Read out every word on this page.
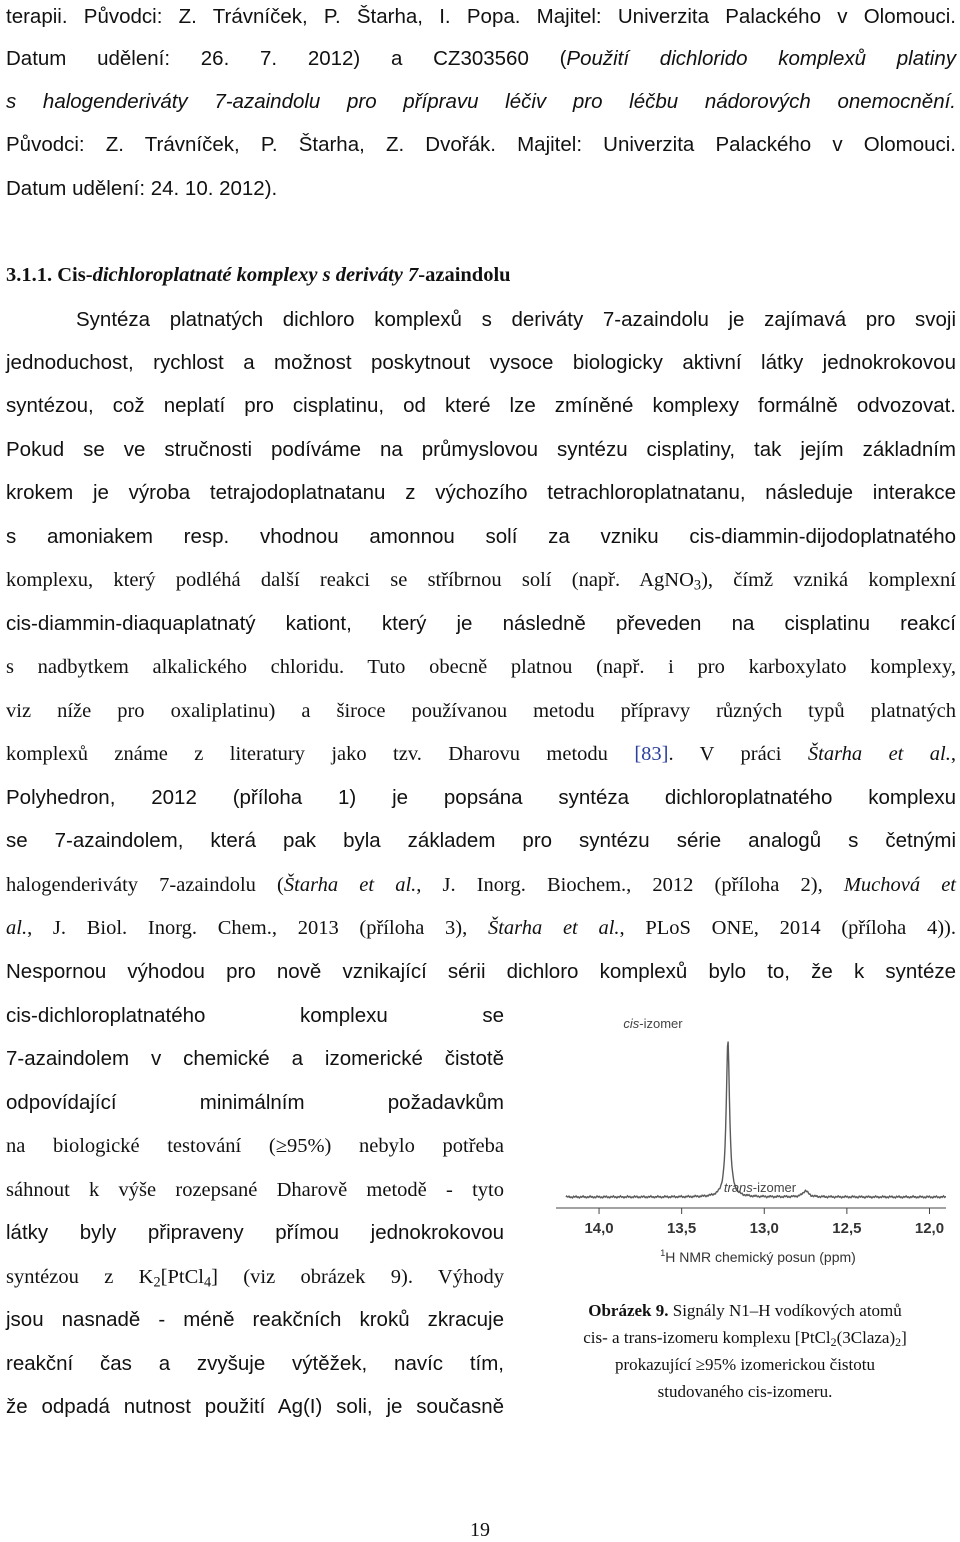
terapii. Původci: Z. Trávníček, P. Štarha, I. Popa. Majitel: Univerzita Palackého v Olomouci.
Datum udělení: 26. 7. 2012) a CZ303560 (Použití dichlorido komplexů platiny
s halogenderiváty 7-azaindolu pro přípravu léčiv pro léčbu nádorových onemocnění.
Původci: Z. Trávníček, P. Štarha, Z. Dvořák. Majitel: Univerzita Palackého v Olomouci.
Datum udělení: 24. 10. 2012).
3.1.1. Cis-dichloroplatnaté komplexy s deriváty 7-azaindolu
Syntéza platnatých dichloro komplexů s deriváty 7-azaindolu je zajímavá pro svoji
jednoduchost, rychlost a možnost poskytnout vysoce biologicky aktivní látky jednokrokovou
syntézou, což neplatí pro cisplatinu, od které lze zmíněné komplexy formálně odvozovat.
Pokud se ve stručnosti podíváme na průmyslovou syntézu cisplatiny, tak jejím základním
krokem je výroba tetrajodoplatnatanu z výchozího tetrachloroplatnatanu, následuje interakce
s amoniakem resp. vhodnou amonnou solí za vzniku cis-diammin-dijodoplatnatého
komplexu, který podléhá další reakci se stříbrnou solí (např. AgNO$_3$), čímž vzniká komplexní
cis-diammin-diaquaplatnatý kationt, který je následně převeden na cisplatinu reakcí
s nadbytkem alkalického chloridu. Tuto obecně platnou (např. i pro karboxylato komplexy,
viz níže pro oxaliplatinu) a široce používanou metodu přípravy různých typů platnatých
komplexů známe z literatury jako tzv. Dharovu metodu [83]. V práci Štarha et al.,
Polyhedron, 2012 (příloha 1) je popsána syntéza dichloroplatnatého komplexu
se 7-azaindolem, která pak byla základem pro syntézu série analogů s četnými
halogenderiváty 7-azaindolu (Štarha et al., J. Inorg. Biochem., 2012 (příloha 2), Muchová et
al., J. Biol. Inorg. Chem., 2013 (příloha 3), Štarha et al., PLoS ONE, 2014 (příloha 4)).
Nespornou výhodou pro nově vznikající sérii dichloro komplexů bylo to, že k syntéze
cis-dichloroplatnatého komplexu se
7-azaindolem v chemické a izomerické čistotě
odpovídající minimálním požadavkům
na biologické testování (≥95%) nebylo potřeba
sáhnout k výše rozepsané Dharově metodě - tyto
látky byly připraveny přímou jednokrokovou
syntézou z $K_2[PtCl_4]$ (viz obrázek 9). Výhody
jsou nasnadě - méně reakčních kroků zkracuje
reakční čas a zvyšuje výtěžek, navíc tím,
že odpadá nutnost použití Ag(I) soli, je současně
cis-izomer
trans-izomer
14,0	13,5	13,0	12,5	12,0
$^1$H NMR chemický posun (ppm)
Obrázek 9. Signály N1–H vodíkových atomů
cis- a trans-izomeru komplexu $[PtCl_2(3Claza)_2]$
prokazující ≥95% izomerickou čistotu
studovaného cis-izomeru.
19
